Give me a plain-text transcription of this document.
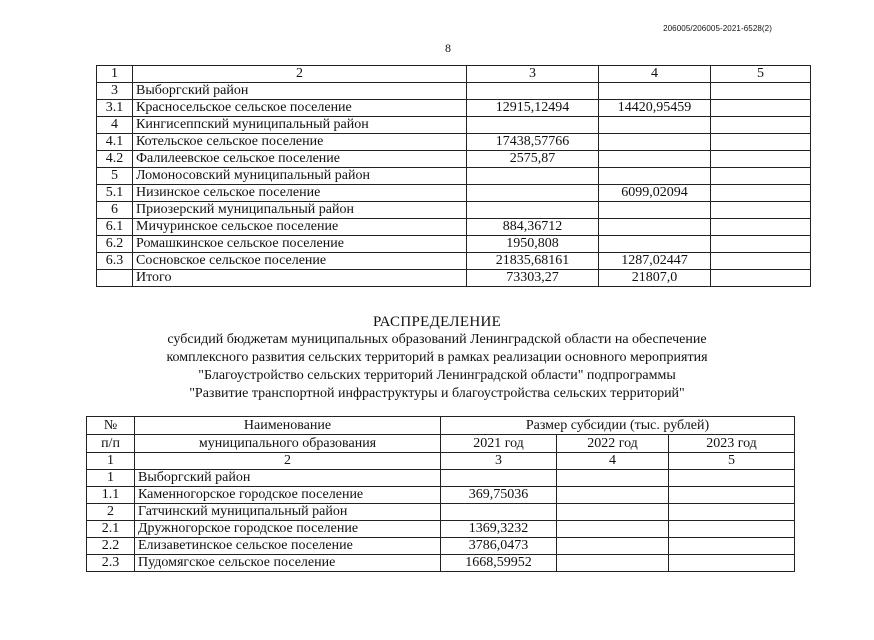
206005/206005-2021-6528(2)
8
1	2	3	4	5
3	Выборгский район			
3.1	Красносельское сельское поселение	12915,12494	14420,95459	
4	Кингисеппский муниципальный район			
4.1	Котельское сельское поселение	17438,57766		
4.2	Фалилеевское сельское поселение	2575,87		
5	Ломоносовский муниципальный район			
5.1	Низинское сельское поселение		6099,02094	
6	Приозерский муниципальный район			
6.1	Мичуринское сельское поселение	884,36712		
6.2	Ромашкинское сельское поселение	1950,808		
6.3	Сосновское сельское поселение	21835,68161	1287,02447	
	Итого	73303,27	21807,0	
РАСПРЕДЕЛЕНИЕ
субсидий бюджетам муниципальных образований Ленинградской области на обеспечение
комплексного развития сельских территорий в рамках реализации основного мероприятия
"Благоустройство сельских территорий Ленинградской области" подпрограммы
"Развитие транспортной инфраструктуры и благоустройства сельских территорий"
№	Наименование	Размер субсидии (тыс. рублей)		
п/п	муниципального образования	2021 год	2022 год	2023 год
1	2	3	4	5
1	Выборгский район			
1.1	Каменногорское городское поселение	369,75036		
2	Гатчинский муниципальный район			
2.1	Дружногорское городское поселение	1369,3232		
2.2	Елизаветинское сельское поселение	3786,0473		
2.3	Пудомягское сельское поселение	1668,59952		
